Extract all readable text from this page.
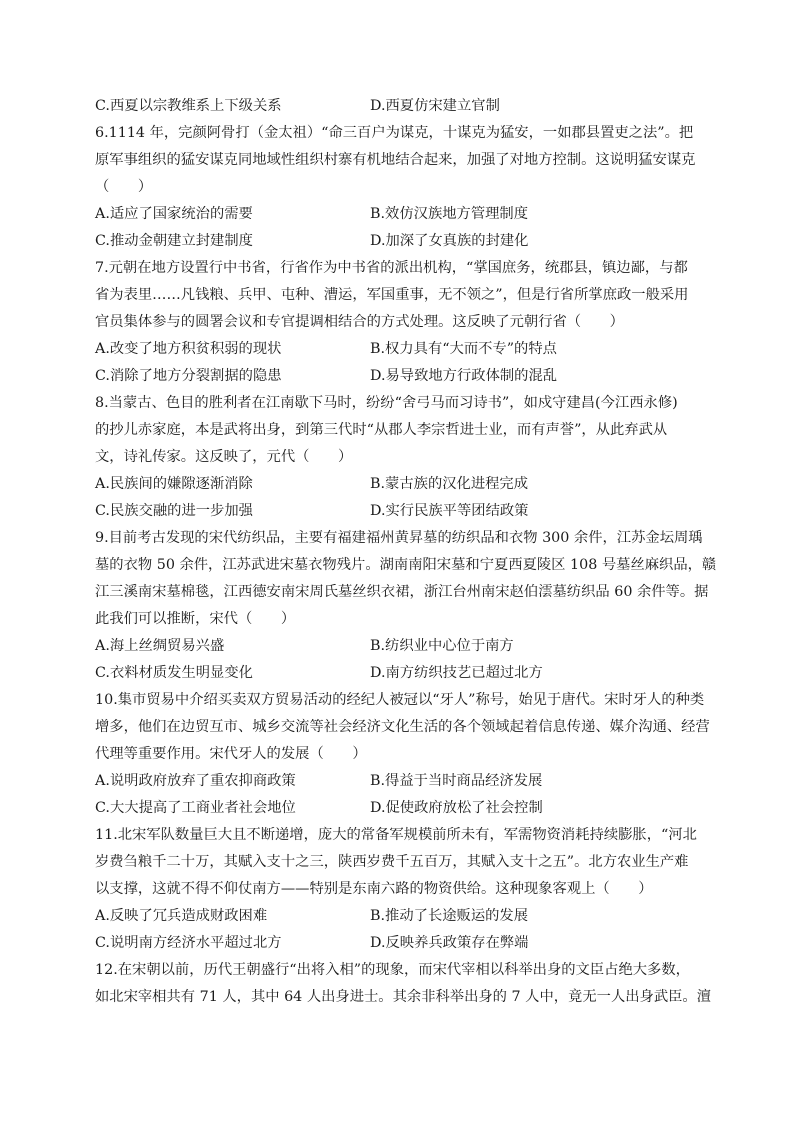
C.西夏以宗教维系上下级关系	D.西夏仿宋建立官制
6.1114 年，完颜阿骨打（金太祖）“命三百户为谋克，十谋克为猛安，一如郡县置吏之法”。把
原军事组织的猛安谋克同地域性组织村寨有机地结合起来，加强了对地方控制。这说明猛安谋克
（　　）
A.适应了国家统治的需要	B.效仿汉族地方管理制度
C.推动金朝建立封建制度	D.加深了女真族的封建化
7.元朝在地方设置行中书省，行省作为中书省的派出机构，“掌国庶务，统郡县，镇边鄙，与都
省为表里……凡钱粮、兵甲、屯种、漕运，军国重事，无不领之”，但是行省所掌庶政一般采用
官员集体参与的圆署会议和专官提调相结合的方式处理。这反映了元朝行省（　　）
A.改变了地方积贫积弱的现状	B.权力具有“大而不专”的特点
C.消除了地方分裂割据的隐患	D.易导致地方行政体制的混乱
8.当蒙古、色目的胜利者在江南歇下马时，纷纷“舍弓马而习诗书”，如戍守建昌(今江西永修)
的抄儿赤家庭，本是武将出身，到第三代时“从郡人李宗哲进士业，而有声誉”，从此弃武从
文，诗礼传家。这反映了，元代（　　）
A.民族间的嫌隙逐渐消除	B.蒙古族的汉化进程完成
C.民族交融的进一步加强	D.实行民族平等团结政策
9.目前考古发现的宋代纺织品，主要有福建福州黄昇墓的纺织品和衣物 300 余件，江苏金坛周瑀
墓的衣物 50 余件，江苏武进宋墓衣物残片。湖南南阳宋墓和宁夏西夏陵区 108 号墓丝麻织品，赣
江三溪南宋墓棉毯，江西德安南宋周氏墓丝织衣裙，浙江台州南宋赵伯澐墓纺织品 60 余件等。据
此我们可以推断，宋代（　　）
A.海上丝绸贸易兴盛	B.纺织业中心位于南方
C.衣料材质发生明显变化	D.南方纺织技艺已超过北方
10.集市贸易中介绍买卖双方贸易活动的经纪人被冠以“牙人”称号，始见于唐代。宋时牙人的种类
增多，他们在边贸互市、城乡交流等社会经济文化生活的各个领域起着信息传递、媒介沟通、经营
代理等重要作用。宋代牙人的发展（　　）
A.说明政府放弃了重农抑商政策	B.得益于当时商品经济发展
C.大大提高了工商业者社会地位	D.促使政府放松了社会控制
11.北宋军队数量巨大且不断递增，庞大的常备军规模前所未有，军需物资消耗持续膨胀，“河北
岁费刍粮千二十万，其赋入支十之三，陕西岁费千五百万，其赋入支十之五”。北方农业生产难
以支撑，这就不得不仰仗南方——特别是东南六路的物资供给。这种现象客观上（　　）
A.反映了冗兵造成财政困难	B.推动了长途贩运的发展
C.说明南方经济水平超过北方	D.反映养兵政策存在弊端
12.在宋朝以前，历代王朝盛行“出将入相”的现象，而宋代宰相以科举出身的文臣占绝大多数，
如北宋宰相共有 71 人，其中 64 人出身进士。其余非科举出身的 7 人中，竟无一人出身武臣。澶
